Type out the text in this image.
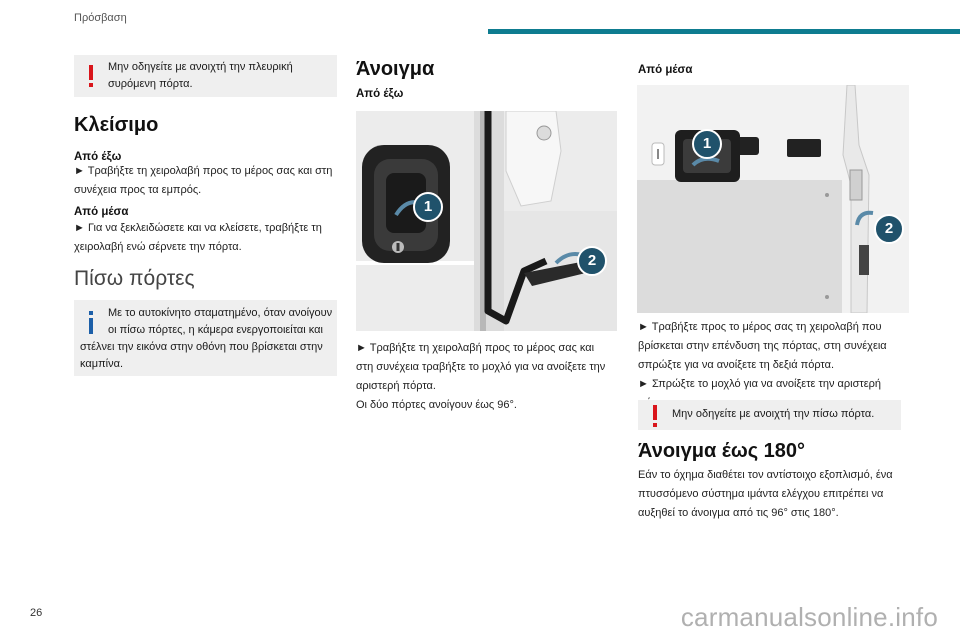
Πρόσβαση
Μην οδηγείτε με ανοιχτή την πλευρική
συρόμενη πόρτα.
Κλείσιμο
Από έξω

► Τραβήξτε τη χειρολαβή προς το μέρος σας και στη
συνέχεια προς τα εμπρός.

Από μέσα

► Για να ξεκλειδώσετε και να κλείσετε, τραβήξτε τη
χειρολαβή ενώ σέρνετε την πόρτα.

Πίσω πόρτες
Με το αυτοκίνητο σταματημένο, όταν ανοίγουν
οι πίσω πόρτες, η κάμερα ενεργοποιείται και
στέλνει την εικόνα στην οθόνη που βρίσκεται στην
καμπίνα.
Άνοιγμα
Από έξω
1
2

► Τραβήξτε τη χειρολαβή προς το μέρος σας και
στη συνέχεια τραβήξτε το μοχλό για να ανοίξετε την
αριστερή πόρτα.
Οι δύο πόρτες ανοίγουν έως 96°.

Από μέσα
1
2

► Τραβήξτε προς το μέρος σας τη χειρολαβή που
βρίσκεται στην επένδυση της πόρτας, στη συνέχεια
σπρώξτε για να ανοίξετε τη δεξιά πόρτα.
► Σπρώξτε το μοχλό για να ανοίξετε την αριστερή

Μην οδηγείτε με ανοιχτή την πίσω πόρτα.
Άνοιγμα έως 180°

Εάν το όχημα διαθέτει τον αντίστοιχο εξοπλισμό, ένα
πτυσσόμενο σύστημα ιμάντα ελέγχου επιτρέπει να
αυξηθεί το άνοιγμα από τις 96° στις 180°.

26	carmanualsonline.info
